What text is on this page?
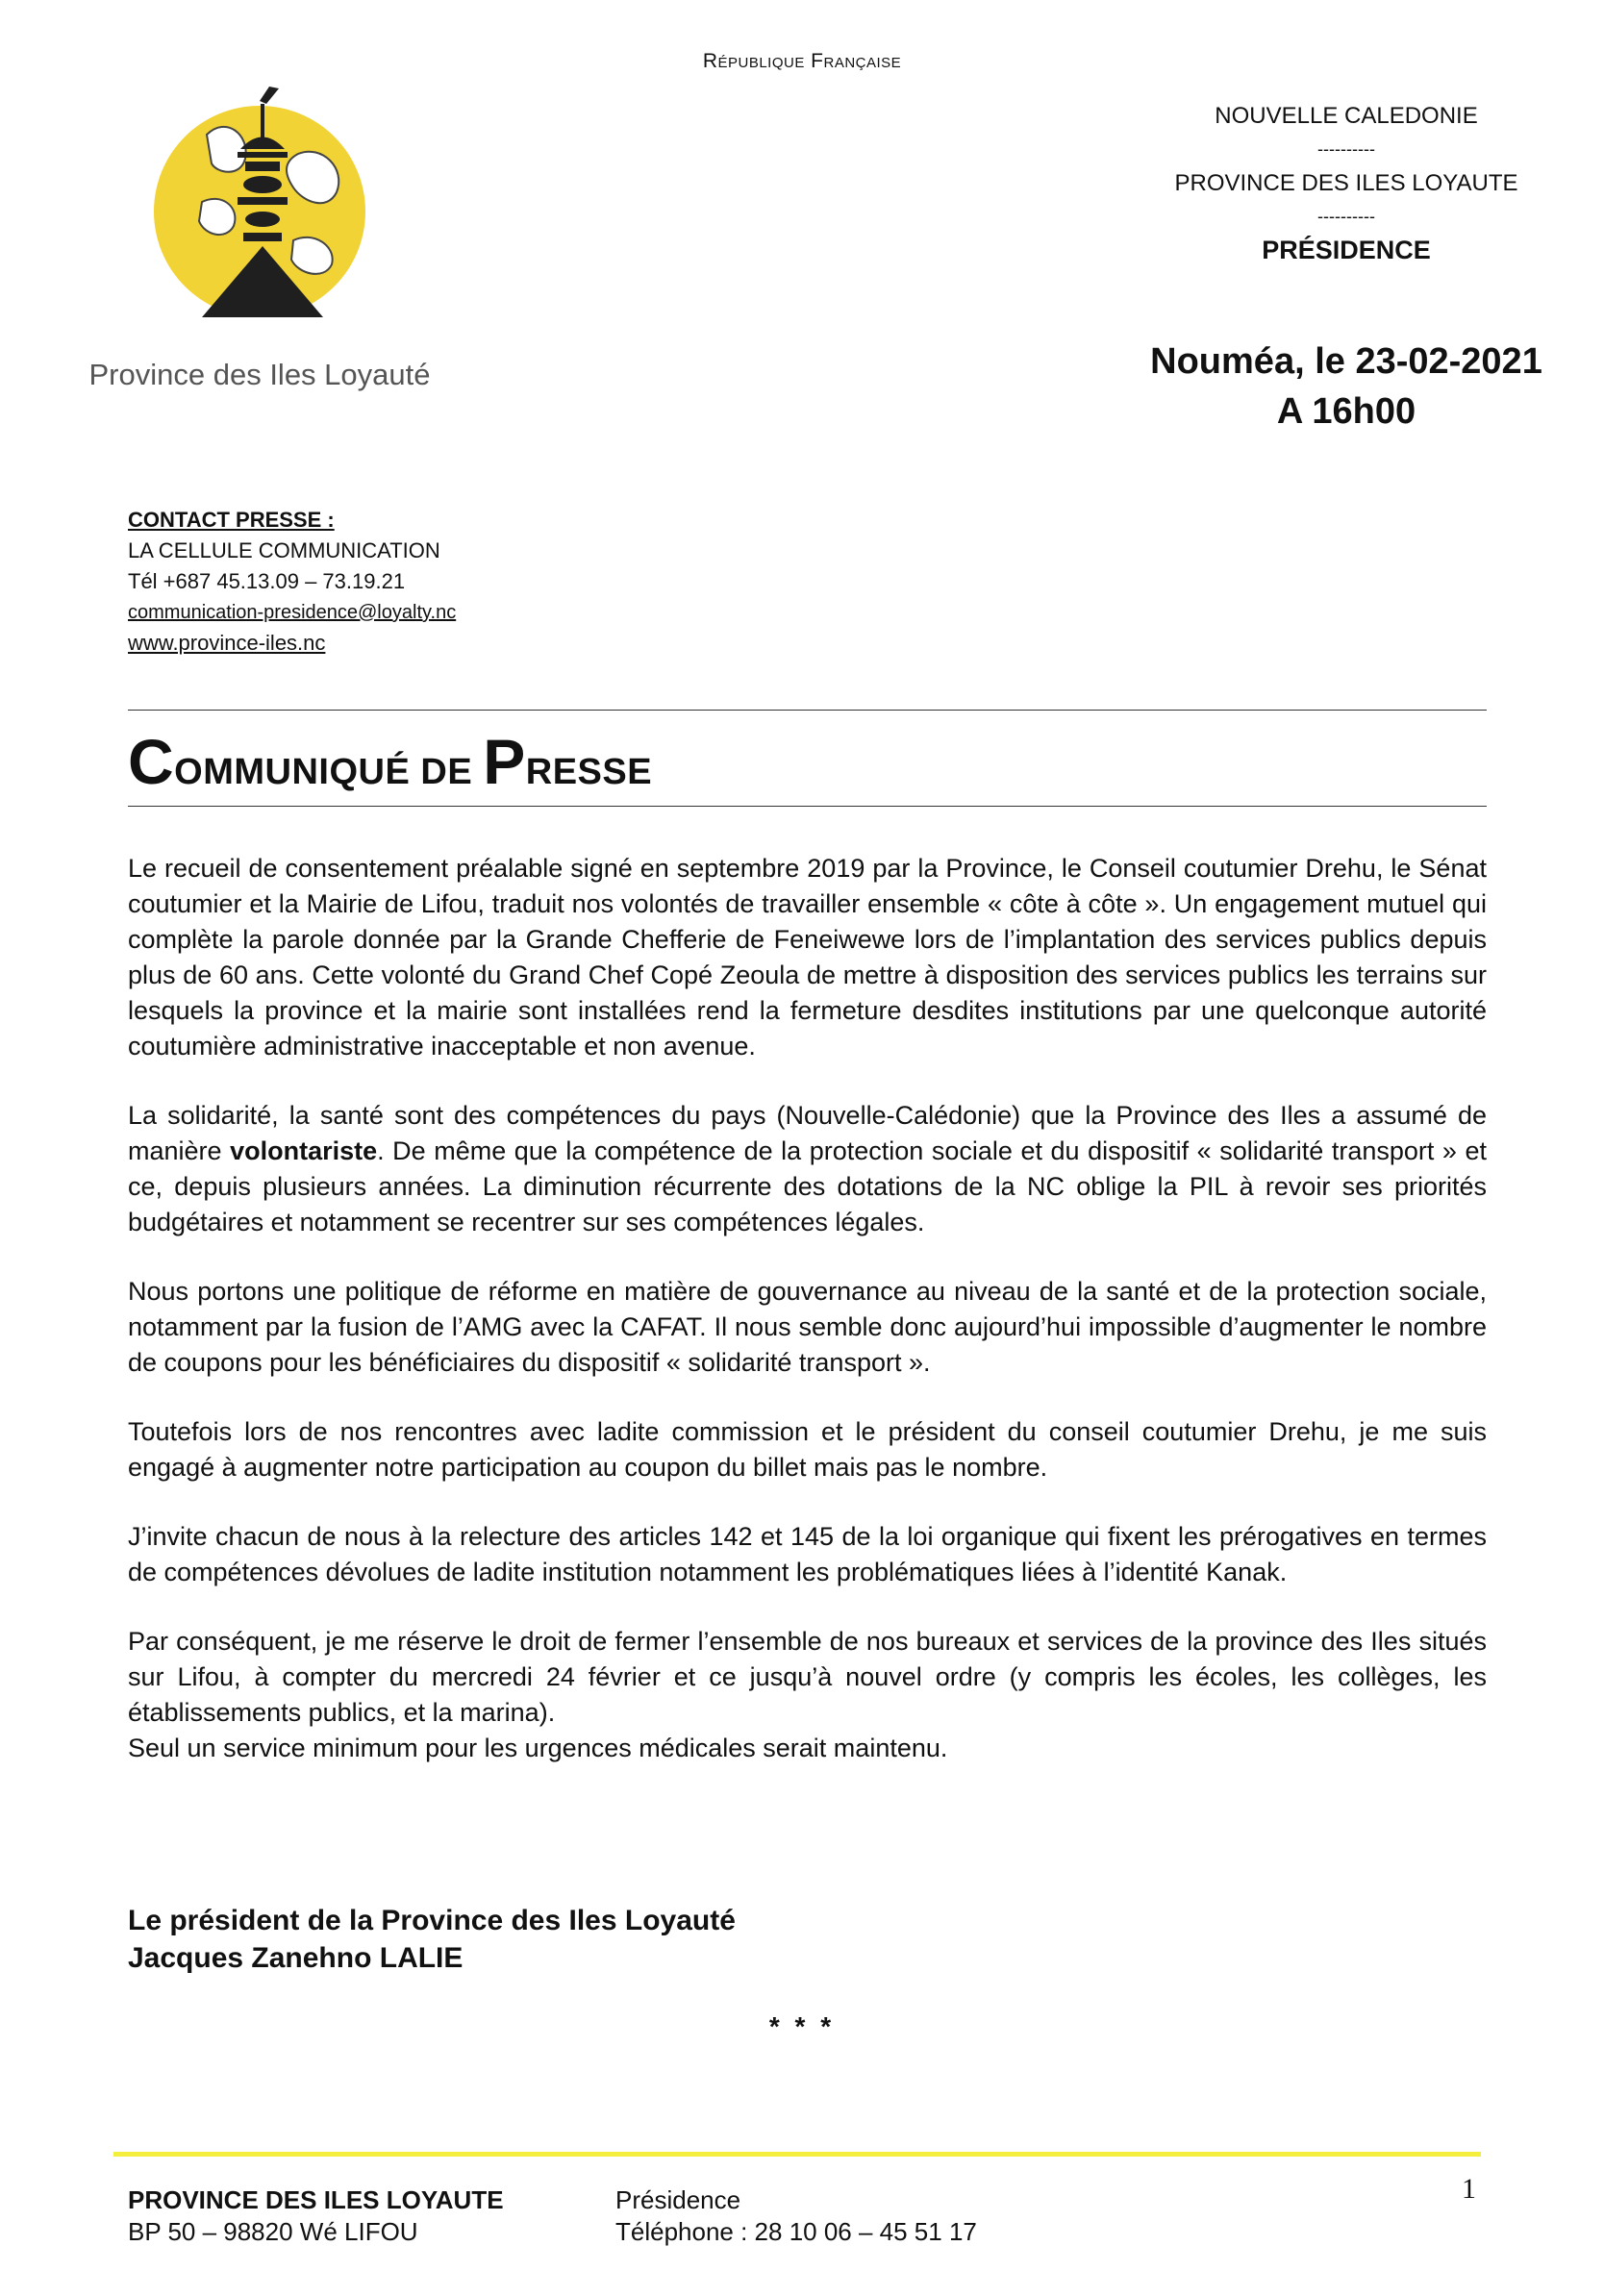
République Française
Province des Iles Loyauté
NOUVELLE CALEDONIE
----------
PROVINCE DES ILES LOYAUTE
----------
PRÉSIDENCE
Nouméa, le 23-02-2021
A 16h00
CONTACT PRESSE :
LA CELLULE COMMUNICATION
Tél +687 45.13.09 – 73.19.21
communication-presidence@loyalty.nc
www.province-iles.nc
COMMUNIQUÉ DE PRESSE

Le recueil de consentement préalable signé en septembre 2019 par la Province, le Conseil coutumier Drehu, le Sénat coutumier et la Mairie de Lifou, traduit nos volontés de travailler ensemble « côte à côte ». Un engagement mutuel qui complète la parole donnée par la Grande Chefferie de Feneiwewe lors de l’implantation des services publics depuis plus de 60 ans. Cette volonté du Grand Chef Copé Zeoula de mettre à disposition des services publics les terrains sur lesquels la province et la mairie sont installées rend la fermeture desdites institutions par une quelconque autorité coutumière administrative inacceptable et non avenue.

La solidarité, la santé sont des compétences du pays (Nouvelle-Calédonie) que la Province des Iles a assumé de manière volontariste. De même que la compétence de la protection sociale et du dispositif « solidarité transport » et ce, depuis plusieurs années. La diminution récurrente des dotations de la NC oblige la PIL à revoir ses priorités budgétaires et notamment se recentrer sur ses compétences légales.

Nous portons une politique de réforme en matière de gouvernance au niveau de la santé et de la protection sociale, notamment par la fusion de l’AMG avec la CAFAT. Il nous semble donc aujourd’hui impossible d’augmenter le nombre de coupons pour les bénéficiaires du dispositif « solidarité transport ».

Toutefois lors de nos rencontres avec ladite commission et le président du conseil coutumier Drehu, je me suis engagé à augmenter notre participation au coupon du billet mais pas le nombre.

J’invite chacun de nous à la relecture des articles 142 et 145 de la loi organique qui fixent les prérogatives en termes de compétences dévolues de ladite institution notamment les problématiques liées à l’identité Kanak.

Par conséquent, je me réserve le droit de fermer l’ensemble de nos bureaux et services de la province des Iles situés sur Lifou, à compter du mercredi 24 février et ce jusqu’à nouvel ordre (y compris les écoles, les collèges, les établissements publics, et la marina).

Seul un service minimum pour les urgences médicales serait maintenu.

Le président de la Province des Iles Loyauté
Jacques Zanehno LALIE
* * *
PROVINCE DES ILES LOYAUTE
BP 50 – 98820 Wé LIFOU
Présidence
Téléphone : 28 10 06 – 45 51 17
1
